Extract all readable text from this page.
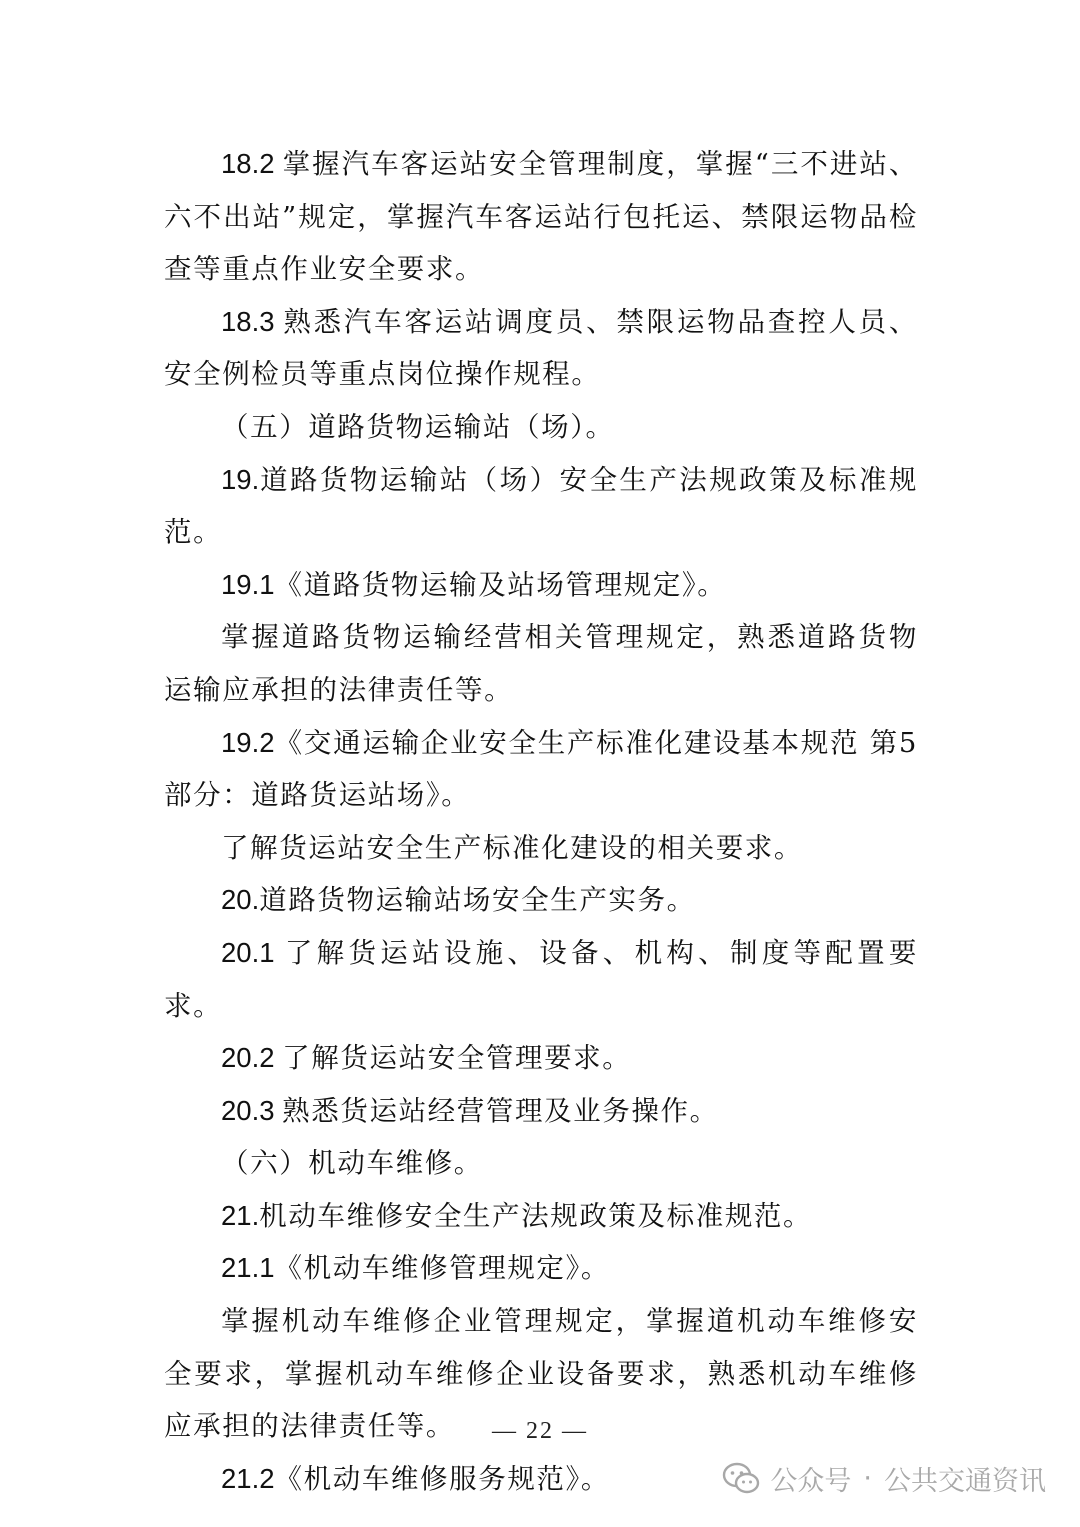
18.2 掌握汽车客运站安全管理制度，掌握“三不进站、六不出站”规定，掌握汽车客运站行包托运、禁限运物品检查等重点作业安全要求。

18.3 熟悉汽车客运站调度员、禁限运物品查控人员、安全例检员等重点岗位操作规程。

（五）道路货物运输站（场）。

19.道路货物运输站（场）安全生产法规政策及标准规范。

19.1《道路货物运输及站场管理规定》。

掌握道路货物运输经营相关管理规定，熟悉道路货物运输应承担的法律责任等。

19.2《交通运输企业安全生产标准化建设基本规范 第5部分：道路货运站场》。

了解货运站安全生产标准化建设的相关要求。

20.道路货物运输站场安全生产实务。

20.1 了解货运站设施、设备、机构、制度等配置要求。

20.2 了解货运站安全管理要求。

20.3 熟悉货运站经营管理及业务操作。

（六）机动车维修。

21.机动车维修安全生产法规政策及标准规范。

21.1《机动车维修管理规定》。

掌握机动车维修企业管理规定，掌握道机动车维修安全要求，掌握机动车维修企业设备要求，熟悉机动车维修应承担的法律责任等。

21.2《机动车维修服务规范》。

— 22 —
公众号 · 公共交通资讯
